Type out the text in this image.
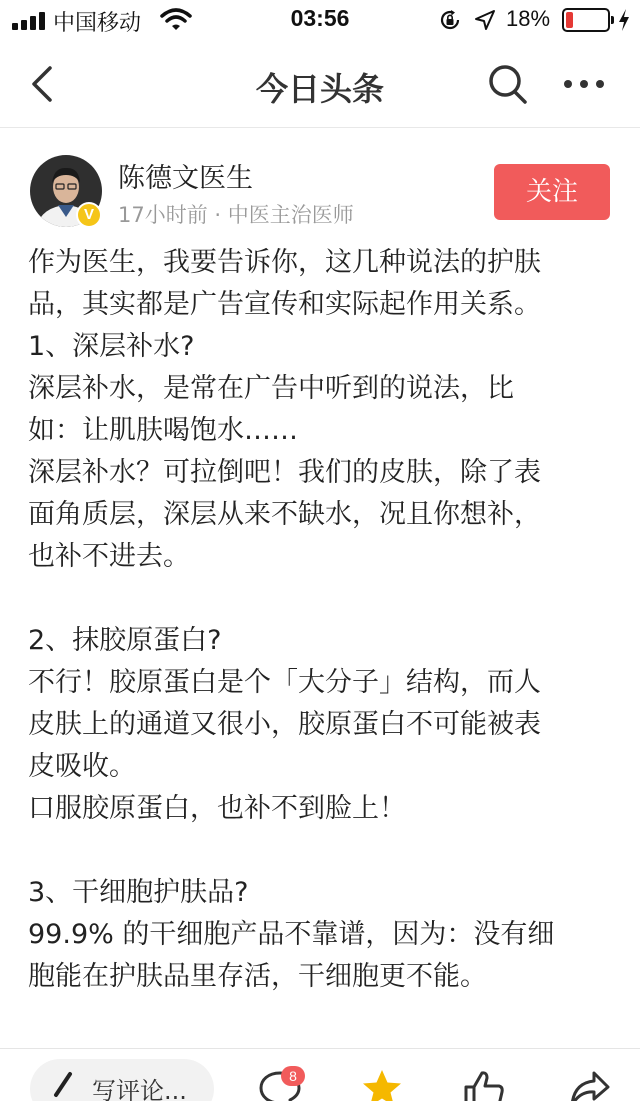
中国移动	03:56	18%
今日头条
V
陈德文医生
17小时前 · 中医主治医师
关注

作为医生，我要告诉你，这几种说法的护肤

品，其实都是广告宣传和实际起作用关系。

1、深层补水?

深层补水，是常在广告中听到的说法，比

如：让肌肤喝饱水……

深层补水？可拉倒吧！我们的皮肤，除了表

面角质层，深层从来不缺水，况且你想补，

也补不进去。

2、抹胶原蛋白?

不行！胶原蛋白是个「大分子」结构，而人

皮肤上的通道又很小，胶原蛋白不可能被表

皮吸收。

口服胶原蛋白，也补不到脸上！

3、干细胞护肤品?

99.9% 的干细胞产品不靠谱，因为：没有细

胞能在护肤品里存活，干细胞更不能。

写评论...
8
